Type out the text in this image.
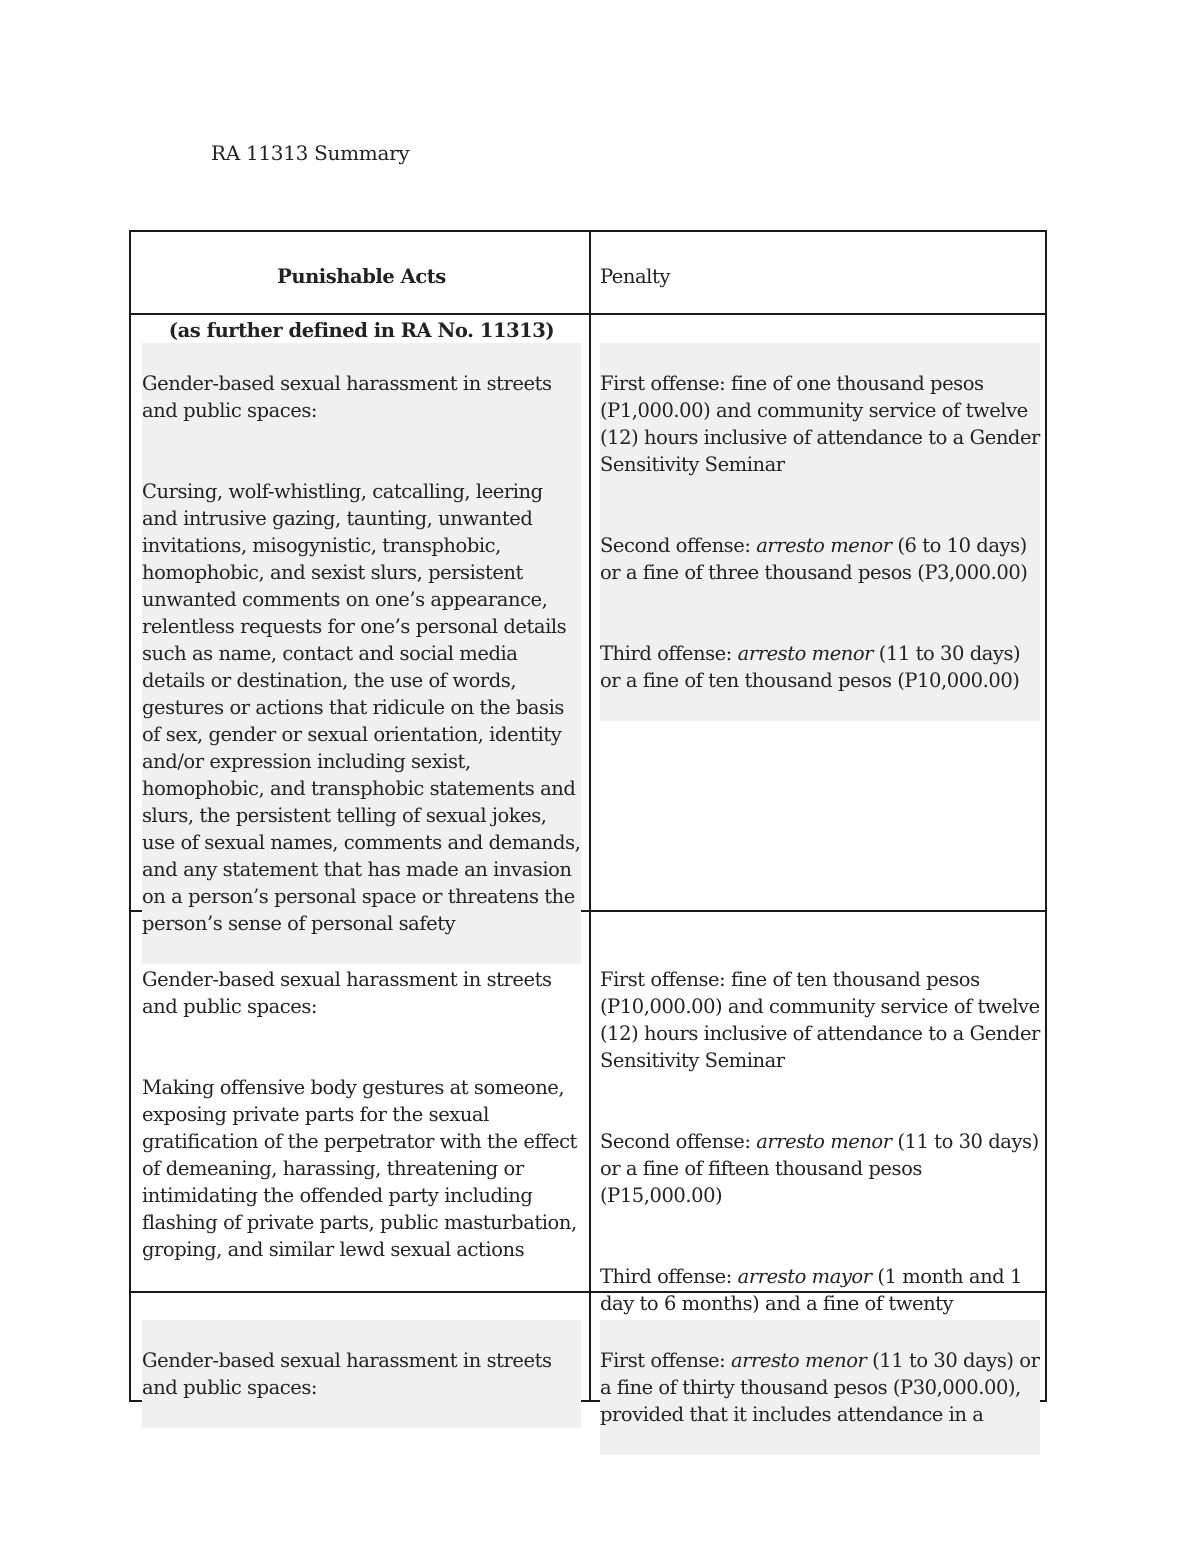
RA 11313 Summary

Punishable Acts

(as further defined in RA No. 11313)

Penalty

Gender-based sexual harassment in streets and public spaces:

Cursing, wolf-whistling, catcalling, leering and intrusive gazing, taunting, unwanted invitations, misogynistic, transphobic, homophobic, and sexist slurs, persistent unwanted comments on one’s appearance, relentless requests for one’s personal details such as name, contact and social media details or destination, the use of words, gestures or actions that ridicule on the basis of sex, gender or sexual orientation, identity and/or expression including sexist, homophobic, and transphobic statements and slurs, the persistent telling of sexual jokes, use of sexual names, comments and demands, and any statement that has made an invasion on a person’s personal space or threatens the person’s sense of personal safety

First offense: fine of one thousand pesos (P1,000.00) and community service of twelve (12) hours inclusive of attendance to a Gender Sensitivity Seminar

Second offense: arresto menor (6 to 10 days) or a fine of three thousand pesos (P3,000.00)

Third offense: arresto menor (11 to 30 days) or a fine of ten thousand pesos (P10,000.00)

Gender-based sexual harassment in streets and public spaces:

Making offensive body gestures at someone, exposing private parts for the sexual gratification of the perpetrator with the effect of demeaning, harassing, threatening or intimidating the offended party including flashing of private parts, public masturbation, groping, and similar lewd sexual actions

First offense: fine of ten thousand pesos (P10,000.00) and community service of twelve (12) hours inclusive of attendance to a Gender Sensitivity Seminar

Second offense: arresto menor (11 to 30 days) or a fine of fifteen thousand pesos (P15,000.00)

Third offense: arresto mayor (1 month and 1 day to 6 months) and a fine of twenty

Gender-based sexual harassment in streets and public spaces:

First offense: arresto menor (11 to 30 days) or a fine of thirty thousand pesos (P30,000.00), provided that it includes attendance in a
